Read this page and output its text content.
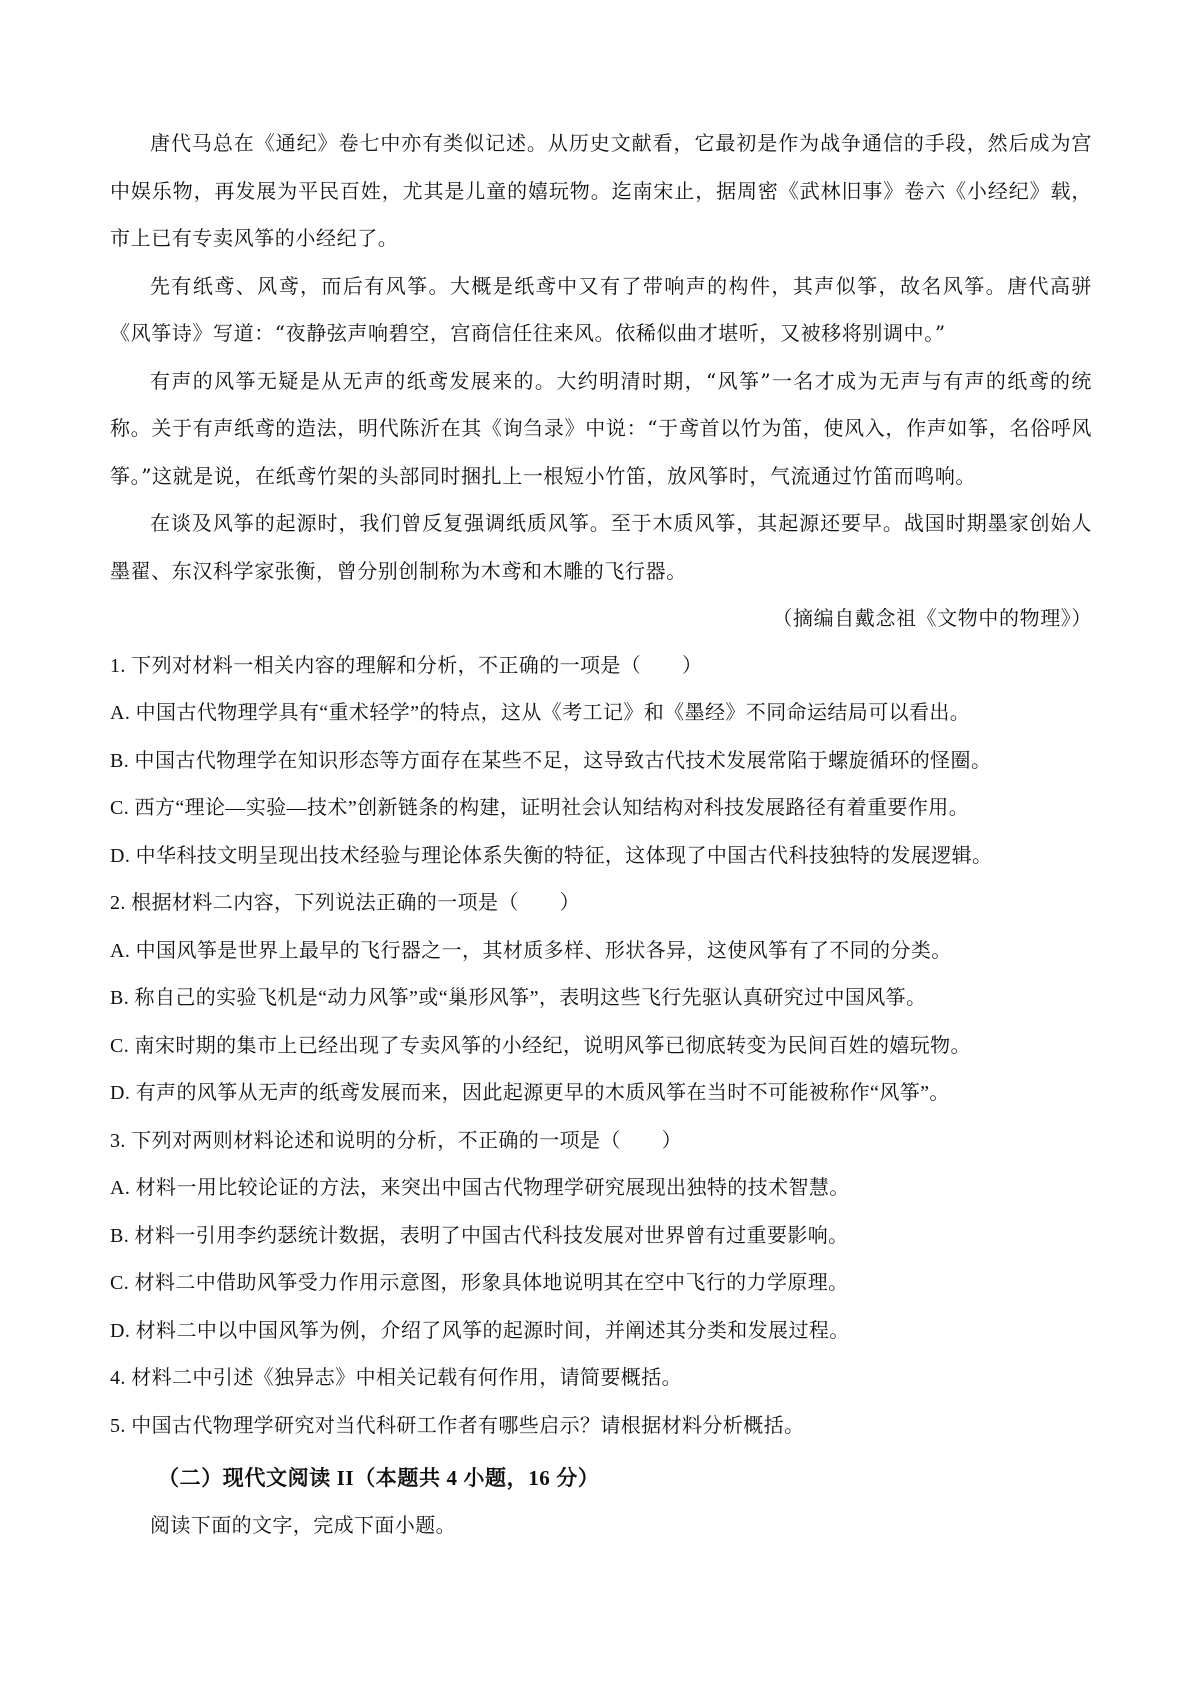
唐代马总在《通纪》卷七中亦有类似记述。从历史文献看，它最初是作为战争通信的手段，然后成为宫中娱乐物，再发展为平民百姓，尤其是儿童的嬉玩物。迄南宋止，据周密《武林旧事》卷六《小经纪》载，市上已有专卖风筝的小经纪了。

先有纸鸢、风鸢，而后有风筝。大概是纸鸢中又有了带响声的构件，其声似筝，故名风筝。唐代高骈《风筝诗》写道：“夜静弦声响碧空，宫商信任往来风。依稀似曲才堪听，又被移将别调中。”

有声的风筝无疑是从无声的纸鸢发展来的。大约明清时期，“风筝”一名才成为无声与有声的纸鸢的统称。关于有声纸鸢的造法，明代陈沂在其《询刍录》中说：“于鸢首以竹为笛，使风入，作声如筝，名俗呼风筝。”这就是说，在纸鸢竹架的头部同时捆扎上一根短小竹笛，放风筝时，气流通过竹笛而鸣响。

在谈及风筝的起源时，我们曾反复强调纸质风筝。至于木质风筝，其起源还要早。战国时期墨家创始人墨翟、东汉科学家张衡，曾分别创制称为木鸢和木雕的飞行器。

（摘编自戴念祖《文物中的物理》）

1. 下列对材料一相关内容的理解和分析，不正确的一项是（　　）

A. 中国古代物理学具有“重术轻学”的特点，这从《考工记》和《墨经》不同命运结局可以看出。

B. 中国古代物理学在知识形态等方面存在某些不足，这导致古代技术发展常陷于螺旋循环的怪圈。

C. 西方“理论—实验—技术”创新链条的构建，证明社会认知结构对科技发展路径有着重要作用。

D. 中华科技文明呈现出技术经验与理论体系失衡的特征，这体现了中国古代科技独特的发展逻辑。

2. 根据材料二内容，下列说法正确的一项是（　　）

A. 中国风筝是世界上最早的飞行器之一，其材质多样、形状各异，这使风筝有了不同的分类。

B. 称自己的实验飞机是“动力风筝”或“巢形风筝”，表明这些飞行先驱认真研究过中国风筝。

C. 南宋时期的集市上已经出现了专卖风筝的小经纪，说明风筝已彻底转变为民间百姓的嬉玩物。

D. 有声的风筝从无声的纸鸢发展而来，因此起源更早的木质风筝在当时不可能被称作“风筝”。

3. 下列对两则材料论述和说明的分析，不正确的一项是（　　）

A. 材料一用比较论证的方法，来突出中国古代物理学研究展现出独特的技术智慧。

B. 材料一引用李约瑟统计数据，表明了中国古代科技发展对世界曾有过重要影响。

C. 材料二中借助风筝受力作用示意图，形象具体地说明其在空中飞行的力学原理。

D. 材料二中以中国风筝为例，介绍了风筝的起源时间，并阐述其分类和发展过程。

4. 材料二中引述《独异志》中相关记载有何作用，请简要概括。

5. 中国古代物理学研究对当代科研工作者有哪些启示？请根据材料分析概括。

（二）现代文阅读 II（本题共 4 小题，16 分）

阅读下面的文字，完成下面小题。
